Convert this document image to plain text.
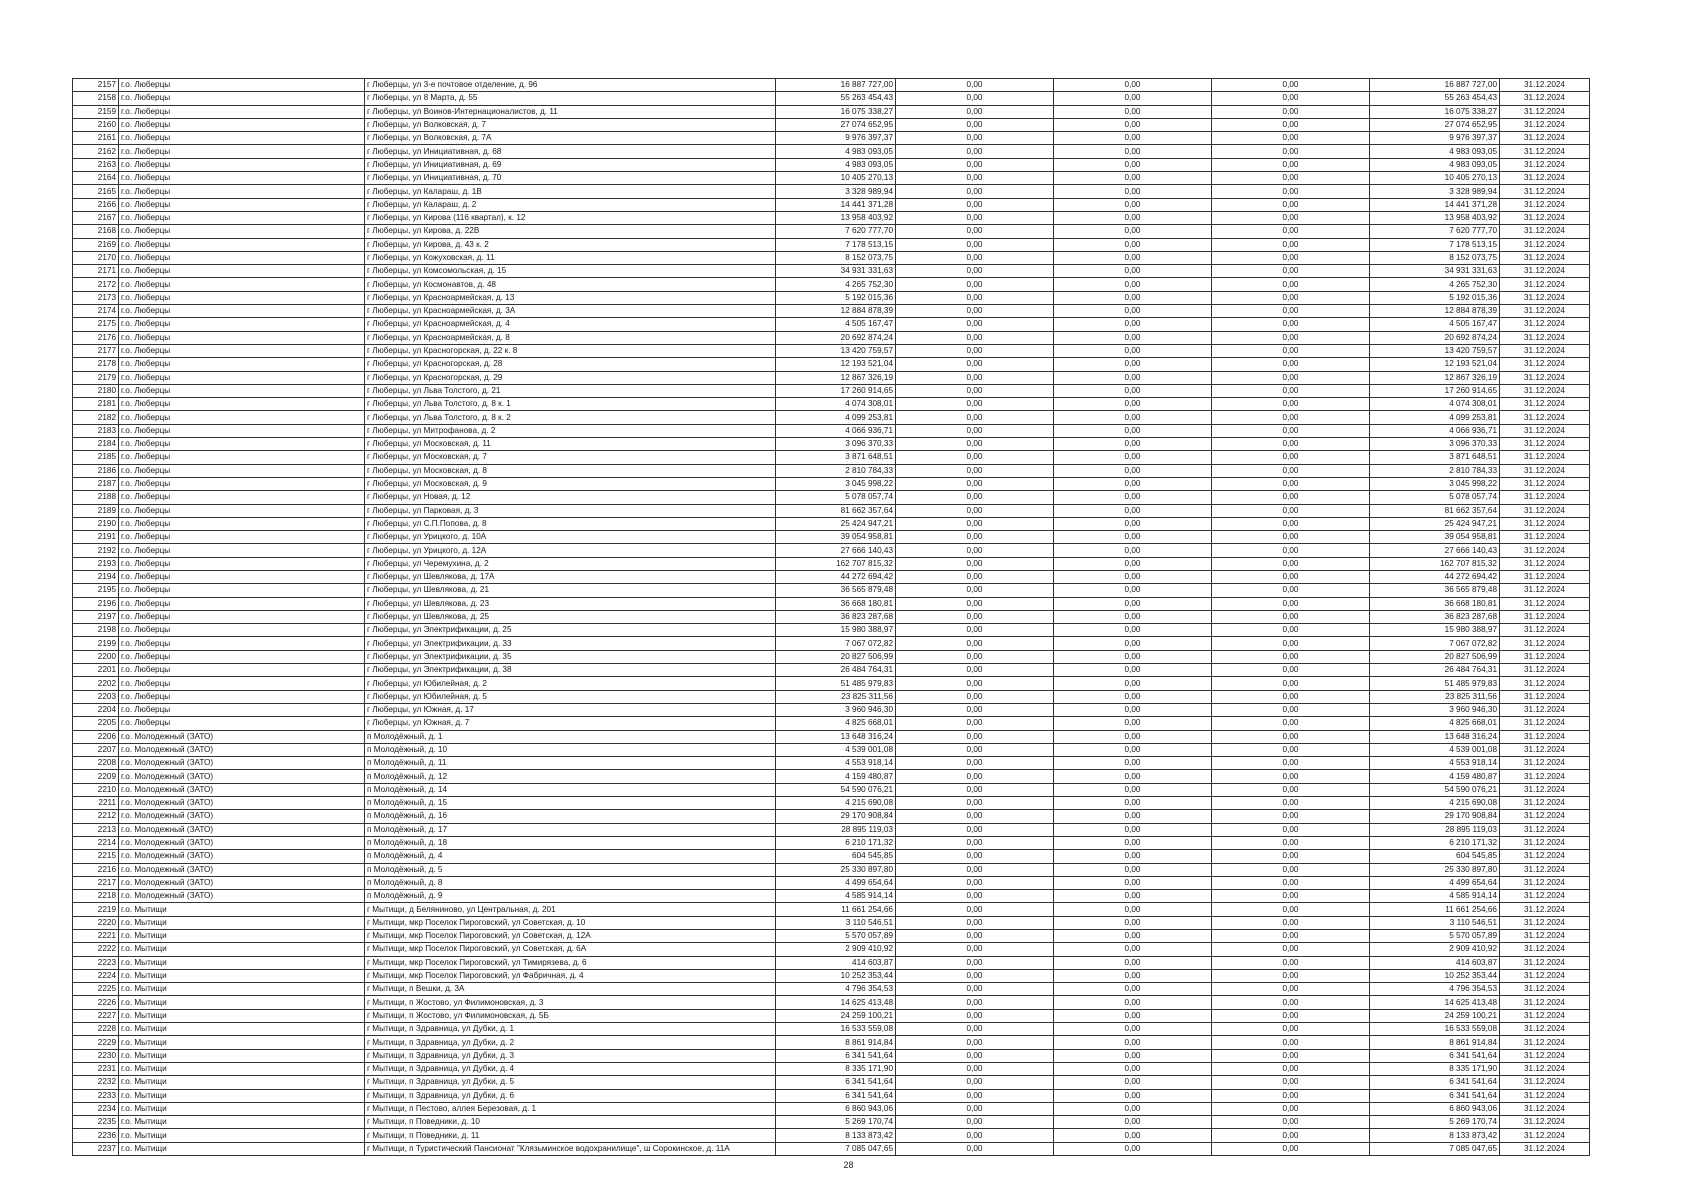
2157	г.о. Люберцы	г Люберцы, ул 3-е почтовое отделение, д. 96	16 887 727,00	0,00	0,00	0,00	16 887 727,00	31.12.2024
2158	г.о. Люберцы	г Люберцы, ул 8 Марта, д. 55	55 263 454,43	0,00	0,00	0,00	55 263 454,43	31.12.2024
2159	г.о. Люберцы	г Люберцы, ул Воинов-Интернационалистов, д. 11	16 075 338,27	0,00	0,00	0,00	16 075 338,27	31.12.2024
2160	г.о. Люберцы	г Люберцы, ул Волковская, д. 7	27 074 652,95	0,00	0,00	0,00	27 074 652,95	31.12.2024
2161	г.о. Люберцы	г Люберцы, ул Волковская, д. 7А	9 976 397,37	0,00	0,00	0,00	9 976 397,37	31.12.2024
2162	г.о. Люберцы	г Люберцы, ул Инициативная, д. 68	4 983 093,05	0,00	0,00	0,00	4 983 093,05	31.12.2024
2163	г.о. Люберцы	г Люберцы, ул Инициативная, д. 69	4 983 093,05	0,00	0,00	0,00	4 983 093,05	31.12.2024
2164	г.о. Люберцы	г Люберцы, ул Инициативная, д. 70	10 405 270,13	0,00	0,00	0,00	10 405 270,13	31.12.2024
2165	г.о. Люберцы	г Люберцы, ул Калараш, д. 1В	3 328 989,94	0,00	0,00	0,00	3 328 989,94	31.12.2024
2166	г.о. Люберцы	г Люберцы, ул Калараш, д. 2	14 441 371,28	0,00	0,00	0,00	14 441 371,28	31.12.2024
2167	г.о. Люберцы	г Люберцы, ул Кирова (116 квартал), к. 12	13 958 403,92	0,00	0,00	0,00	13 958 403,92	31.12.2024
2168	г.о. Люберцы	г Люберцы, ул Кирова, д. 22В	7 620 777,70	0,00	0,00	0,00	7 620 777,70	31.12.2024
2169	г.о. Люберцы	г Люберцы, ул Кирова, д. 43 к. 2	7 178 513,15	0,00	0,00	0,00	7 178 513,15	31.12.2024
2170	г.о. Люберцы	г Люберцы, ул Кожуховская, д. 11	8 152 073,75	0,00	0,00	0,00	8 152 073,75	31.12.2024
2171	г.о. Люберцы	г Люберцы, ул Комсомольская, д. 15	34 931 331,63	0,00	0,00	0,00	34 931 331,63	31.12.2024
2172	г.о. Люберцы	г Люберцы, ул Космонавтов, д. 48	4 265 752,30	0,00	0,00	0,00	4 265 752,30	31.12.2024
2173	г.о. Люберцы	г Люберцы, ул Красноармейская, д. 13	5 192 015,36	0,00	0,00	0,00	5 192 015,36	31.12.2024
2174	г.о. Люберцы	г Люберцы, ул Красноармейская, д. 3А	12 884 878,39	0,00	0,00	0,00	12 884 878,39	31.12.2024
2175	г.о. Люберцы	г Люберцы, ул Красноармейская, д. 4	4 505 167,47	0,00	0,00	0,00	4 505 167,47	31.12.2024
2176	г.о. Люберцы	г Люберцы, ул Красноармейская, д. 8	20 692 874,24	0,00	0,00	0,00	20 692 874,24	31.12.2024
2177	г.о. Люберцы	г Люберцы, ул Красногорская, д. 22 к. 8	13 420 759,57	0,00	0,00	0,00	13 420 759,57	31.12.2024
2178	г.о. Люберцы	г Люберцы, ул Красногорская, д. 28	12 193 521,04	0,00	0,00	0,00	12 193 521,04	31.12.2024
2179	г.о. Люберцы	г Люберцы, ул Красногорская, д. 29	12 867 326,19	0,00	0,00	0,00	12 867 326,19	31.12.2024
2180	г.о. Люберцы	г Люберцы, ул Льва Толстого, д. 21	17 260 914,65	0,00	0,00	0,00	17 260 914,65	31.12.2024
2181	г.о. Люберцы	г Люберцы, ул Льва Толстого, д. 8 к. 1	4 074 308,01	0,00	0,00	0,00	4 074 308,01	31.12.2024
2182	г.о. Люберцы	г Люберцы, ул Льва Толстого, д. 8 к. 2	4 099 253,81	0,00	0,00	0,00	4 099 253,81	31.12.2024
2183	г.о. Люберцы	г Люберцы, ул Митрофанова, д. 2	4 066 936,71	0,00	0,00	0,00	4 066 936,71	31.12.2024
2184	г.о. Люберцы	г Люберцы, ул Московская, д. 11	3 096 370,33	0,00	0,00	0,00	3 096 370,33	31.12.2024
2185	г.о. Люберцы	г Люберцы, ул Московская, д. 7	3 871 648,51	0,00	0,00	0,00	3 871 648,51	31.12.2024
2186	г.о. Люберцы	г Люберцы, ул Московская, д. 8	2 810 784,33	0,00	0,00	0,00	2 810 784,33	31.12.2024
2187	г.о. Люберцы	г Люберцы, ул Московская, д. 9	3 045 998,22	0,00	0,00	0,00	3 045 998,22	31.12.2024
2188	г.о. Люберцы	г Люберцы, ул Новая, д. 12	5 078 057,74	0,00	0,00	0,00	5 078 057,74	31.12.2024
2189	г.о. Люберцы	г Люберцы, ул Парковая, д. 3	81 662 357,64	0,00	0,00	0,00	81 662 357,64	31.12.2024
2190	г.о. Люберцы	г Люберцы, ул С.П.Попова, д. 8	25 424 947,21	0,00	0,00	0,00	25 424 947,21	31.12.2024
2191	г.о. Люберцы	г Люберцы, ул Урицкого, д. 10А	39 054 958,81	0,00	0,00	0,00	39 054 958,81	31.12.2024
2192	г.о. Люберцы	г Люберцы, ул Урицкого, д. 12А	27 666 140,43	0,00	0,00	0,00	27 666 140,43	31.12.2024
2193	г.о. Люберцы	г Люберцы, ул Черемухина, д. 2	162 707 815,32	0,00	0,00	0,00	162 707 815,32	31.12.2024
2194	г.о. Люберцы	г Люберцы, ул Шевлякова, д. 17А	44 272 694,42	0,00	0,00	0,00	44 272 694,42	31.12.2024
2195	г.о. Люберцы	г Люберцы, ул Шевлякова, д. 21	36 565 879,48	0,00	0,00	0,00	36 565 879,48	31.12.2024
2196	г.о. Люберцы	г Люберцы, ул Шевлякова, д. 23	36 668 180,81	0,00	0,00	0,00	36 668 180,81	31.12.2024
2197	г.о. Люберцы	г Люберцы, ул Шевлякова, д. 25	36 823 287,68	0,00	0,00	0,00	36 823 287,68	31.12.2024
2198	г.о. Люберцы	г Люберцы, ул Электрификации, д. 25	15 980 388,97	0,00	0,00	0,00	15 980 388,97	31.12.2024
2199	г.о. Люберцы	г Люберцы, ул Электрификации, д. 33	7 067 072,82	0,00	0,00	0,00	7 067 072,82	31.12.2024
2200	г.о. Люберцы	г Люберцы, ул Электрификации, д. 35	20 827 506,99	0,00	0,00	0,00	20 827 506,99	31.12.2024
2201	г.о. Люберцы	г Люберцы, ул Электрификации, д. 38	26 484 764,31	0,00	0,00	0,00	26 484 764,31	31.12.2024
2202	г.о. Люберцы	г Люберцы, ул Юбилейная, д. 2	51 485 979,83	0,00	0,00	0,00	51 485 979,83	31.12.2024
2203	г.о. Люберцы	г Люберцы, ул Юбилейная, д. 5	23 825 311,56	0,00	0,00	0,00	23 825 311,56	31.12.2024
2204	г.о. Люберцы	г Люберцы, ул Южная, д. 17	3 960 946,30	0,00	0,00	0,00	3 960 946,30	31.12.2024
2205	г.о. Люберцы	г Люберцы, ул Южная, д. 7	4 825 668,01	0,00	0,00	0,00	4 825 668,01	31.12.2024
2206	г.о. Молодежный (ЗАТО)	п Молодёжный, д. 1	13 648 316,24	0,00	0,00	0,00	13 648 316,24	31.12.2024
2207	г.о. Молодежный (ЗАТО)	п Молодёжный, д. 10	4 539 001,08	0,00	0,00	0,00	4 539 001,08	31.12.2024
2208	г.о. Молодежный (ЗАТО)	п Молодёжный, д. 11	4 553 918,14	0,00	0,00	0,00	4 553 918,14	31.12.2024
2209	г.о. Молодежный (ЗАТО)	п Молодёжный, д. 12	4 159 480,87	0,00	0,00	0,00	4 159 480,87	31.12.2024
2210	г.о. Молодежный (ЗАТО)	п Молодёжный, д. 14	54 590 076,21	0,00	0,00	0,00	54 590 076,21	31.12.2024
2211	г.о. Молодежный (ЗАТО)	п Молодёжный, д. 15	4 215 690,08	0,00	0,00	0,00	4 215 690,08	31.12.2024
2212	г.о. Молодежный (ЗАТО)	п Молодёжный, д. 16	29 170 908,84	0,00	0,00	0,00	29 170 908,84	31.12.2024
2213	г.о. Молодежный (ЗАТО)	п Молодёжный, д. 17	28 895 119,03	0,00	0,00	0,00	28 895 119,03	31.12.2024
2214	г.о. Молодежный (ЗАТО)	п Молодёжный, д. 18	6 210 171,32	0,00	0,00	0,00	6 210 171,32	31.12.2024
2215	г.о. Молодежный (ЗАТО)	п Молодёжный, д. 4	604 545,85	0,00	0,00	0,00	604 545,85	31.12.2024
2216	г.о. Молодежный (ЗАТО)	п Молодёжный, д. 5	25 330 897,80	0,00	0,00	0,00	25 330 897,80	31.12.2024
2217	г.о. Молодежный (ЗАТО)	п Молодёжный, д. 8	4 499 654,64	0,00	0,00	0,00	4 499 654,64	31.12.2024
2218	г.о. Молодежный (ЗАТО)	п Молодёжный, д. 9	4 585 914,14	0,00	0,00	0,00	4 585 914,14	31.12.2024
2219	г.о. Мытищи	г Мытищи, д Беляниново, ул Центральная, д. 201	11 661 254,66	0,00	0,00	0,00	11 661 254,66	31.12.2024
2220	г.о. Мытищи	г Мытищи, мкр Поселок Пироговский, ул Советская, д. 10	3 110 546,51	0,00	0,00	0,00	3 110 546,51	31.12.2024
2221	г.о. Мытищи	г Мытищи, мкр Поселок Пироговский, ул Советская, д. 12А	5 570 057,89	0,00	0,00	0,00	5 570 057,89	31.12.2024
2222	г.о. Мытищи	г Мытищи, мкр Поселок Пироговский, ул Советская, д. 6А	2 909 410,92	0,00	0,00	0,00	2 909 410,92	31.12.2024
2223	г.о. Мытищи	г Мытищи, мкр Поселок Пироговский, ул Тимирязева, д. 6	414 603,87	0,00	0,00	0,00	414 603,87	31.12.2024
2224	г.о. Мытищи	г Мытищи, мкр Поселок Пироговский, ул Фабричная, д. 4	10 252 353,44	0,00	0,00	0,00	10 252 353,44	31.12.2024
2225	г.о. Мытищи	г Мытищи, п Вешки, д. 3А	4 796 354,53	0,00	0,00	0,00	4 796 354,53	31.12.2024
2226	г.о. Мытищи	г Мытищи, п Жостово, ул Филимоновская, д. 3	14 625 413,48	0,00	0,00	0,00	14 625 413,48	31.12.2024
2227	г.о. Мытищи	г Мытищи, п Жостово, ул Филимоновская, д. 5Б	24 259 100,21	0,00	0,00	0,00	24 259 100,21	31.12.2024
2228	г.о. Мытищи	г Мытищи, п Здравница, ул Дубки, д. 1	16 533 559,08	0,00	0,00	0,00	16 533 559,08	31.12.2024
2229	г.о. Мытищи	г Мытищи, п Здравница, ул Дубки, д. 2	8 861 914,84	0,00	0,00	0,00	8 861 914,84	31.12.2024
2230	г.о. Мытищи	г Мытищи, п Здравница, ул Дубки, д. 3	6 341 541,64	0,00	0,00	0,00	6 341 541,64	31.12.2024
2231	г.о. Мытищи	г Мытищи, п Здравница, ул Дубки, д. 4	8 335 171,90	0,00	0,00	0,00	8 335 171,90	31.12.2024
2232	г.о. Мытищи	г Мытищи, п Здравница, ул Дубки, д. 5	6 341 541,64	0,00	0,00	0,00	6 341 541,64	31.12.2024
2233	г.о. Мытищи	г Мытищи, п Здравница, ул Дубки, д. 6	6 341 541,64	0,00	0,00	0,00	6 341 541,64	31.12.2024
2234	г.о. Мытищи	г Мытищи, п Пестово, аллея Березовая, д. 1	6 860 943,06	0,00	0,00	0,00	6 860 943,06	31.12.2024
2235	г.о. Мытищи	г Мытищи, п Поведники, д. 10	5 269 170,74	0,00	0,00	0,00	5 269 170,74	31.12.2024
2236	г.о. Мытищи	г Мытищи, п Поведники, д. 11	8 133 873,42	0,00	0,00	0,00	8 133 873,42	31.12.2024
2237	г.о. Мытищи	г Мытищи, п Туристический Пансионат "Клязьминское водохранилище", ш Сорокинское, д. 11А	7 085 047,65	0,00	0,00	0,00	7 085 047,65	31.12.2024
28
